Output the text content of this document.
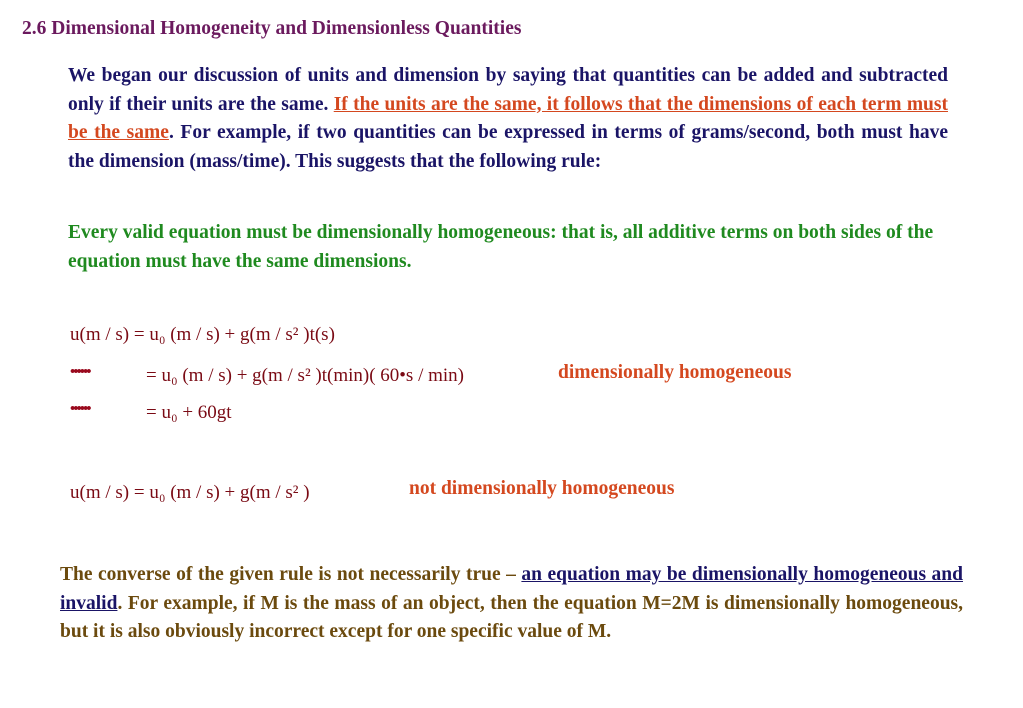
2.6 Dimensional Homogeneity and Dimensionless Quantities

We began our discussion of units and dimension by saying that quantities can be added and subtracted only if their units are the same. If the units are the same, it follows that the dimensions of each term must be the same. For example, if two quantities can be expressed in terms of grams/second, both must have the dimension (mass/time). This suggests that the following rule:

Every valid equation must be dimensionally homogeneous: that is, all additive terms on both sides of the equation must have the same dimensions.

u(m / s) = u₀ (m / s) + g(m / s² )t(s)
••••••	= u₀ (m / s) + g(m / s² )t(min)( 60•s / min)	dimensionally homogeneous
••••••	= u₀ + 60gt
u(m / s) = u₀ (m / s) + g(m / s² )	not dimensionally homogeneous

The converse of the given rule is not necessarily true – an equation may be dimensionally homogeneous and invalid. For example, if M is the mass of an object, then the equation M=2M is dimensionally homogeneous, but it is also obviously incorrect except for one specific value of M.
